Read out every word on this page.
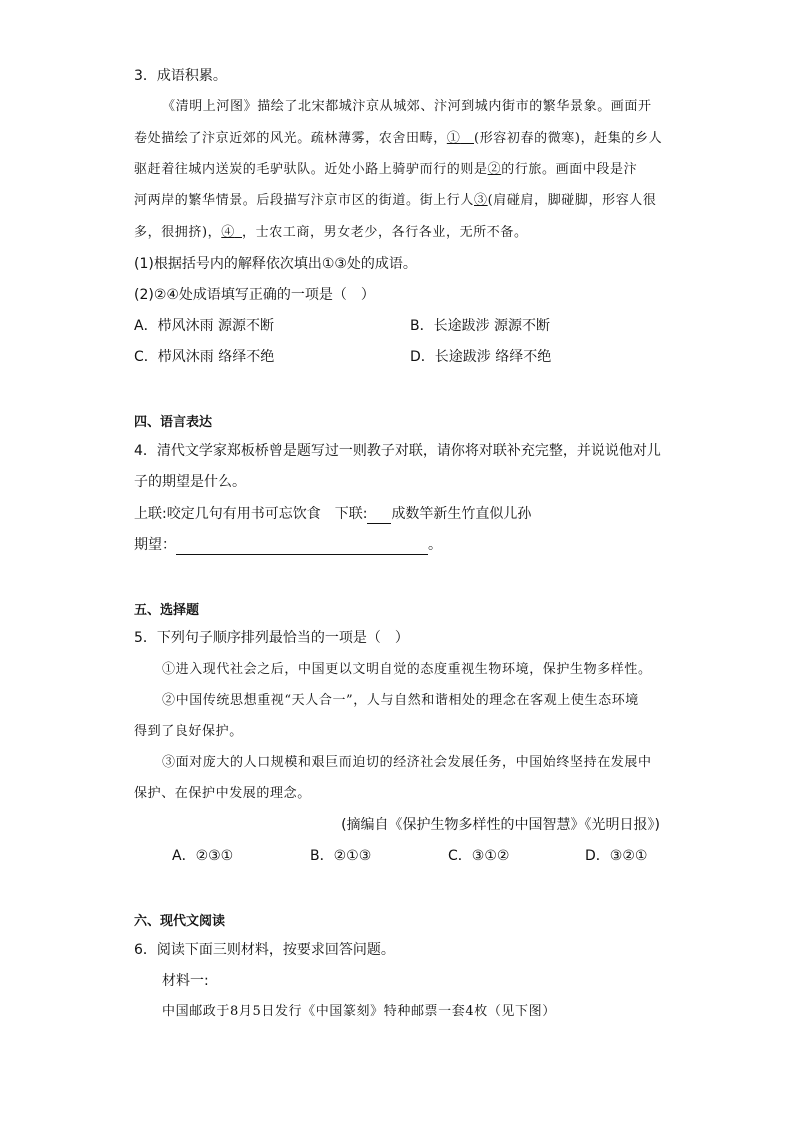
3．成语积累。
《清明上河图》描绘了北宋都城汴京从城郊、汴河到城内街市的繁华景象。画面开
卷处描绘了汴京近郊的风光。疏林薄雾，农舍田畴，①  (形容初春的微寒)，赶集的乡人
驱赶着往城内送炭的毛驴驮队。近处小路上骑驴而行的则是②的行旅。画面中段是汴
河两岸的繁华情景。后段描写汴京市区的街道。街上行人③(肩碰肩，脚碰脚，形容人很
多，很拥挤)，④  ，士农工商，男女老少，各行各业，无所不备。
(1)根据括号内的解释依次填出①③处的成语。
(2)②④处成语填写正确的一项是（　）
A．栉风沐雨 源源不断	B．长途跋涉 源源不断
C．栉风沐雨 络绎不绝	D．长途跋涉 络绎不绝
四、语言表达
4．清代文学家郑板桥曾是题写过一则教子对联，请你将对联补充完整，并说说他对儿
子的期望是什么。
上联:咬定几句有用书可忘饮食　下联: 成数竿新生竹直似儿孙
期望：	。
五、选择题
5．下列句子顺序排列最恰当的一项是（　）
①进入现代社会之后，中国更以文明自觉的态度重视生物环境，保护生物多样性。
②中国传统思想重视“天人合一”，人与自然和谐相处的理念在客观上使生态环境
得到了良好保护。
③面对庞大的人口规模和艰巨而迫切的经济社会发展任务，中国始终坚持在发展中
保护、在保护中发展的理念。
(摘编自《保护生物多样性的中国智慧》《光明日报》)
A．②③①	B．②①③	C．③①②	D．③②①
六、现代文阅读
6．阅读下面三则材料，按要求回答问题。
材料一:
中国邮政于8月5日发行《中国篆刻》特种邮票一套4枚（见下图）
